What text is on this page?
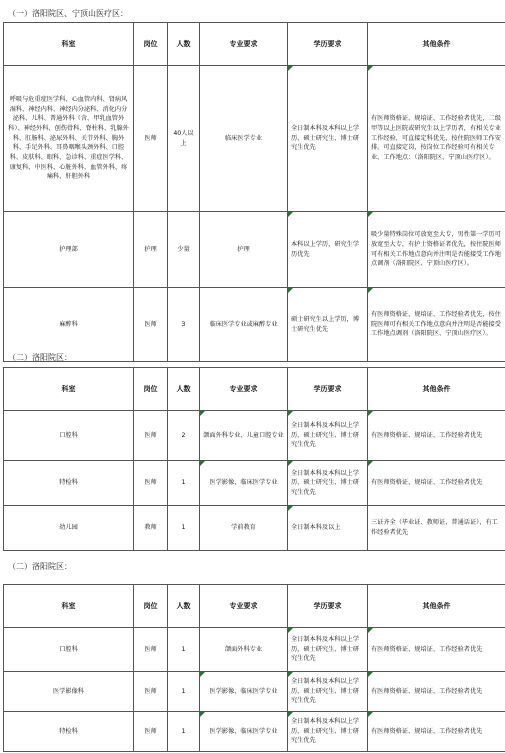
（一）洛阳院区、宁顶山医疗区：
科室	岗位	人数	专业要求	学历要求	其他条件
呼吸与危重症医学科、心血管内科、肾病风湿科、神经内科、神经内分泌科、消化内分泌科、儿科、普通外科（含、甲乳血管外科）、神经外科、创伤骨科、脊柱科、乳腺外科、肛肠科、泌尿外科、关节外科、胸外科、手足外科、耳鼻咽喉头颈外科、口腔科、皮肤科、眼科、急诊科、重症医学科、康复科、中医科、心脏外科、血管外科、疼痛科、肝胆外科	医师	40人以上	临床医学专业	全日制本科及本科以上学历，硕士研究生、博士研究生优先	有医师资格证、规培证、工作经验者优先，二级甲等以上医院或研究生以上学历者，有相关专业工作经验，可直接定科优先，按住院医师工作安排。可直接定岗，按岗位工作经验可有相关专业、工作地点：（洛阳院区、宁顶山医疗区）。
护理部	护理	少量	护理	本科以上学历，研究生学历优先	吸少量特殊岗位可放宽至大专，男性第一学历可放宽至大专，有护士资格证者优先，按住院医师可有相关工作地点意向并注明是否能接受工作地点调剂（洛阳院区、宁顶山医疗区）。
麻醉科	医师	3	临床医学专业或麻醉专业	硕士研究生以上学历，博士研究生优先	有医师资格证、规培证、工作经验者优先，按住院医师可有相关工作地点意向并注明是否能接受工作地点调剂（洛阳院区、宁顶山医疗区）。
（二）洛阳院区：
科室	岗位	人数	专业要求	学历要求	其他条件
口腔科	医师	2	颌面外科专业、儿童口腔专业	全日制本科及本科以上学历，硕士研究生、博士研究生优先	有医师资格证、规培证、工作经验者优先
特检科	医师	1	医学影像、临床医学专业	全日制本科及本科以上学历，硕士研究生、博士研究生优先	有医师资格证、规培证、工作经验者优先
幼儿园	教师	1	学前教育	全日制本科及以上	三证齐全（毕业证、教师证、普通话证），有工作经验者优先
（二）洛阳院区：
科室	岗位	人数	专业要求	学历要求	其他条件
口腔科	医师	1	颌面外科专业	全日制本科及本科以上学历，硕士研究生、博士研究生优先	有医师资格证、规培证、工作经验者优先
医学影像科	医师	1	医学影像、临床医学专业	全日制本科及本科以上学历，硕士研究生、博士研究生优先	有医师资格证、规培证、工作经验者优先
特检科	医师	1	医学影像、临床医学专业	全日制本科及本科以上学历，硕士研究生、博士研究生优先	有医师资格证、规培证、工作经验者优先
